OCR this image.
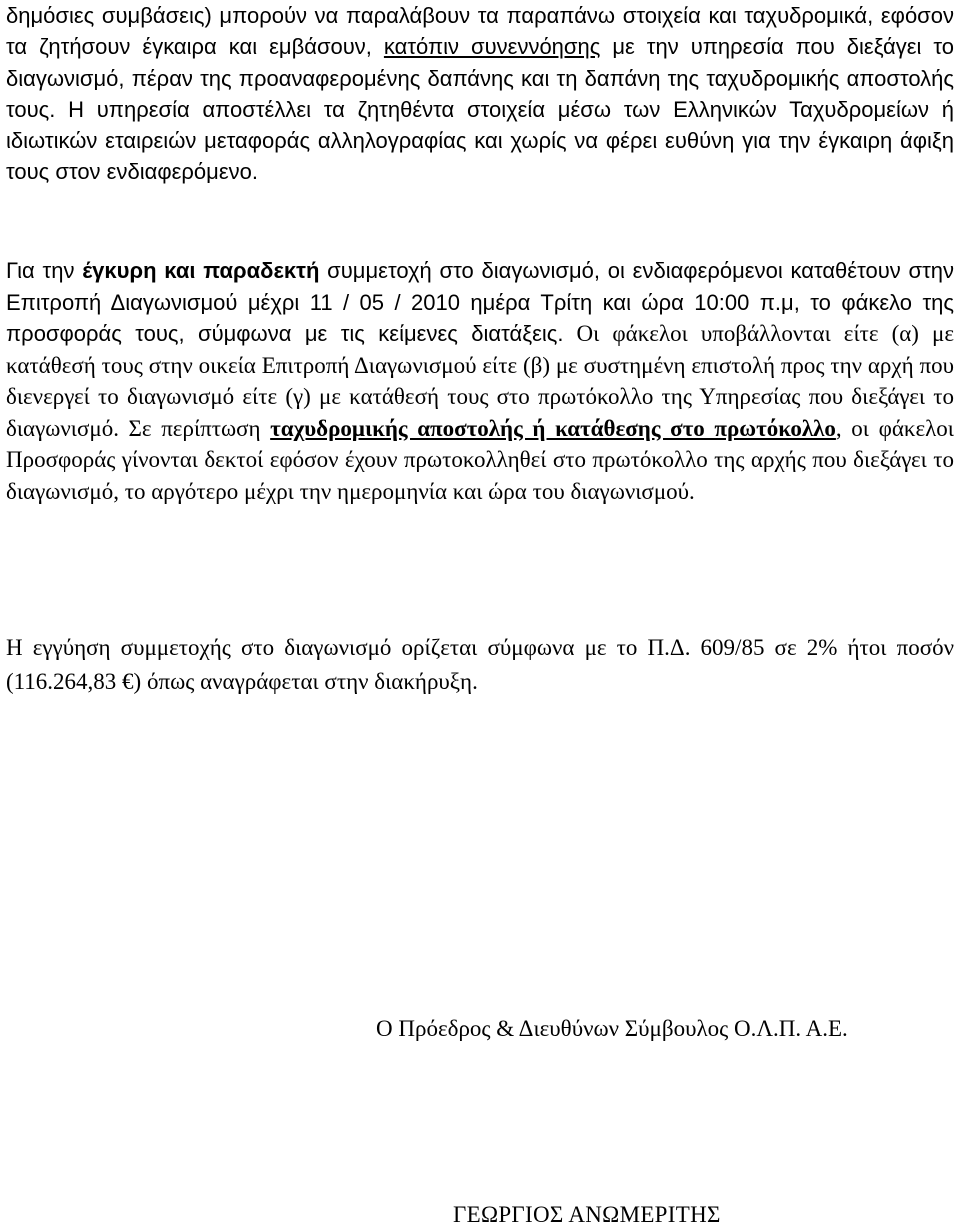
δημόσιες συμβάσεις) μπορούν να παραλάβουν τα παραπάνω στοιχεία και ταχυδρομικά, εφόσον τα ζητήσουν έγκαιρα και εμβάσουν, κατόπιν συνεννόησης με την υπηρεσία που διεξάγει το διαγωνισμό, πέραν της προαναφερομένης δαπάνης και τη δαπάνη της ταχυδρομικής αποστολής τους. Η υπηρεσία αποστέλλει τα ζητηθέντα στοιχεία μέσω των Ελληνικών Ταχυδρομείων ή ιδιωτικών εταιρειών μεταφοράς αλληλογραφίας και χωρίς να φέρει ευθύνη για την έγκαιρη άφιξη τους στον ενδιαφερόμενο.

Για την έγκυρη και παραδεκτή συμμετοχή στο διαγωνισμό, οι ενδιαφερόμενοι καταθέτουν στην Επιτροπή Διαγωνισμού μέχρι 11 / 05 / 2010 ημέρα Τρίτη και ώρα 10:00 π.μ, το φάκελο της προσφοράς τους, σύμφωνα με τις κείμενες διατάξεις. Οι φάκελοι υποβάλλονται είτε (α) με κατάθεσή τους στην οικεία Επιτροπή Διαγωνισμού είτε (β) με συστημένη επιστολή προς την αρχή που διενεργεί το διαγωνισμό είτε (γ) με κατάθεσή τους στο πρωτόκολλο της Υπηρεσίας που διεξάγει το διαγωνισμό. Σε περίπτωση ταχυδρομικής αποστολής ή κατάθεσης στο πρωτόκολλο, οι φάκελοι Προσφοράς γίνονται δεκτοί εφόσον έχουν πρωτοκολληθεί στο πρωτόκολλο της αρχής που διεξάγει το διαγωνισμό, το αργότερο μέχρι την ημερομηνία και ώρα του διαγωνισμού.

Η εγγύηση συμμετοχής στο διαγωνισμό ορίζεται σύμφωνα με το Π.Δ. 609/85 σε 2% ήτοι ποσόν (116.264,83 €) όπως αναγράφεται στην διακήρυξη.

Ο Πρόεδρος & Διευθύνων Σύμβουλος Ο.Λ.Π. Α.Ε.
ΓΕΩΡΓΙΟΣ ΑΝΩΜΕΡΙΤΗΣ
